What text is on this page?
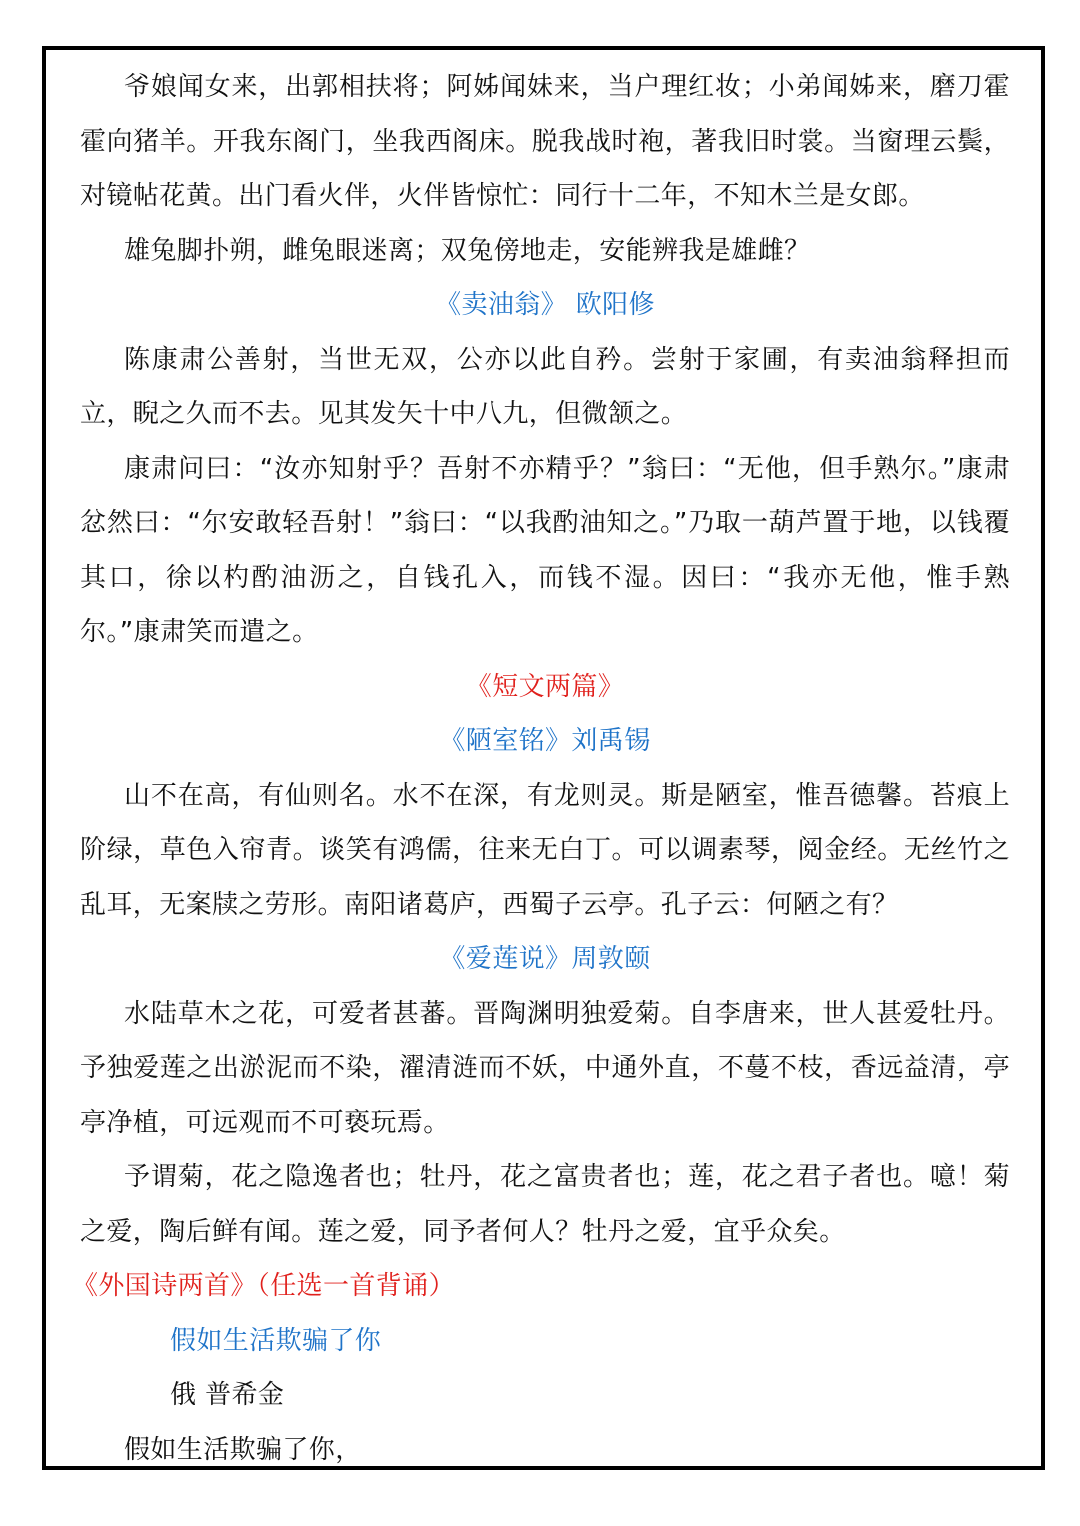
爷娘闻女来，出郭相扶将；阿姊闻妹来，当户理红妆；小弟闻姊来，磨刀霍霍向猪羊。开我东阁门，坐我西阁床。脱我战时袍，著我旧时裳。当窗理云鬓，对镜帖花黄。出门看火伴，火伴皆惊忙：同行十二年，不知木兰是女郎。

雄兔脚扑朔，雌兔眼迷离；双兔傍地走，安能辨我是雄雌？

《卖油翁》 欧阳修

陈康肃公善射，当世无双，公亦以此自矜。尝射于家圃，有卖油翁释担而立，睨之久而不去。见其发矢十中八九，但微颔之。

康肃问曰：“汝亦知射乎？吾射不亦精乎？”翁曰：“无他，但手熟尔。”康肃忿然曰：“尔安敢轻吾射！”翁曰：“以我酌油知之。”乃取一葫芦置于地，以钱覆其口，徐以杓酌油沥之，自钱孔入，而钱不湿。因曰：“我亦无他，惟手熟尔。”康肃笑而遣之。

《短文两篇》

《陋室铭》刘禹锡

山不在高，有仙则名。水不在深，有龙则灵。斯是陋室，惟吾德馨。苔痕上阶绿，草色入帘青。谈笑有鸿儒，往来无白丁。可以调素琴，阅金经。无丝竹之乱耳，无案牍之劳形。南阳诸葛庐，西蜀子云亭。孔子云：何陋之有？

《爱莲说》周敦颐

水陆草木之花，可爱者甚蕃。晋陶渊明独爱菊。自李唐来，世人甚爱牡丹。予独爱莲之出淤泥而不染，濯清涟而不妖，中通外直，不蔓不枝，香远益清，亭亭净植，可远观而不可亵玩焉。

予谓菊，花之隐逸者也；牡丹，花之富贵者也；莲，花之君子者也。噫！菊之爱，陶后鲜有闻。莲之爱，同予者何人？牡丹之爱，宜乎众矣。

《外国诗两首》（任选一首背诵）

假如生活欺骗了你

俄 普希金

假如生活欺骗了你，
